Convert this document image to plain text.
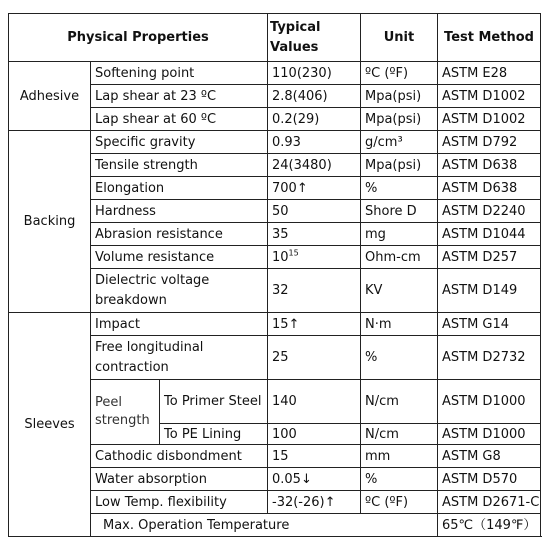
Physical Properties			Typical Values	Unit	Test Method
Adhesive	Softening point		110(230)	ºC (ºF)	ASTM E28
	Lap shear at 23 ºC		2.8(406)	Mpa(psi)	ASTM D1002
	Lap shear at 60 ºC		0.2(29)	Mpa(psi)	ASTM D1002
Backing	Specific gravity		0.93	g/cm³	ASTM D792
	Tensile strength		24(3480)	Mpa(psi)	ASTM D638
	Elongation		700↑	%	ASTM D638
	Hardness		50	Shore D	ASTM D2240
	Abrasion resistance		35	mg	ASTM D1044
	Volume resistance		$10^{15}$	Ohm-cm	ASTM D257
	Dielectric voltage breakdown		32	KV	ASTM D149
Sleeves	Impact		15↑	N·m	ASTM G14
	Free longitudinal contraction		25	%	ASTM D2732
	Peel strength	To Primer Steel	140	N/cm	ASTM D1000
		To PE Lining	100	N/cm	ASTM D1000
	Cathodic disbondment		15	mm	ASTM G8
	Water absorption		0.05↓	%	ASTM D570
	Low Temp. flexibility		-32(-26)↑	ºC (ºF)	ASTM D2671-C
	Max. Operation Temperature				65℃（149℉）
